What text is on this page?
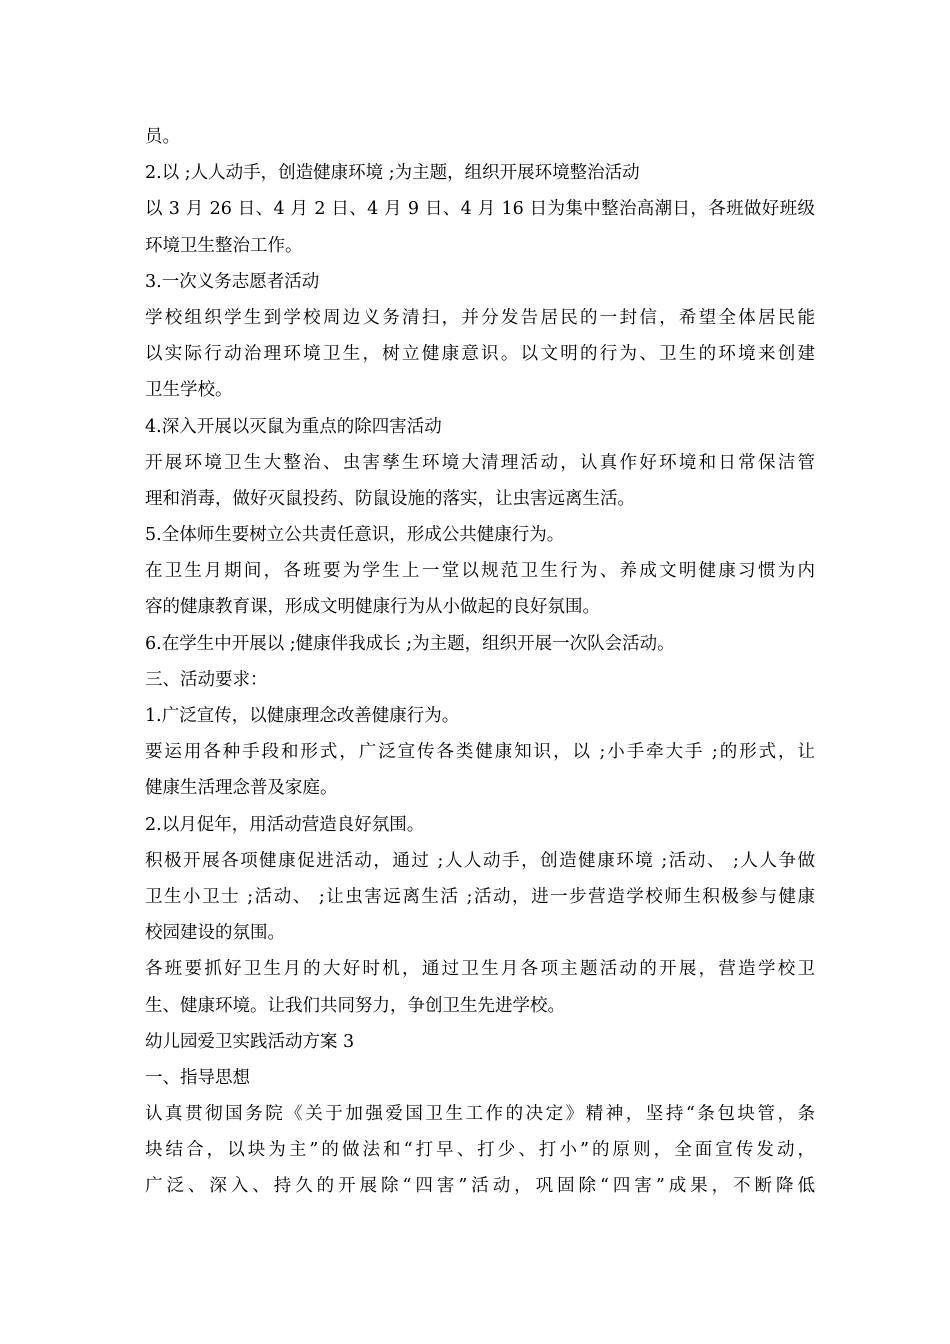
员。
2.以 ;人人动手，创造健康环境 ;为主题，组织开展环境整治活动
以 3 月 26 日、4 月 2 日、4 月 9 日、4 月 16 日为集中整治高潮日，各班做好班级
环境卫生整治工作。
3.一次义务志愿者活动
学校组织学生到学校周边义务清扫，并分发告居民的一封信，希望全体居民能
以实际行动治理环境卫生，树立健康意识。以文明的行为、卫生的环境来创建
卫生学校。
4.深入开展以灭鼠为重点的除四害活动
开展环境卫生大整治、虫害孳生环境大清理活动，认真作好环境和日常保洁管
理和消毒，做好灭鼠投药、防鼠设施的落实，让虫害远离生活。
5.全体师生要树立公共责任意识，形成公共健康行为。
在卫生月期间，各班要为学生上一堂以规范卫生行为、养成文明健康习惯为内
容的健康教育课，形成文明健康行为从小做起的良好氛围。
6.在学生中开展以 ;健康伴我成长 ;为主题，组织开展一次队会活动。
三、活动要求：
1.广泛宣传，以健康理念改善健康行为。
要运用各种手段和形式，广泛宣传各类健康知识，以 ;小手牵大手 ;的形式，让
健康生活理念普及家庭。
2.以月促年，用活动营造良好氛围。
积极开展各项健康促进活动，通过 ;人人动手，创造健康环境 ;活动、 ;人人争做
卫生小卫士 ;活动、 ;让虫害远离生活 ;活动，进一步营造学校师生积极参与健康
校园建设的氛围。
各班要抓好卫生月的大好时机，通过卫生月各项主题活动的开展，营造学校卫
生、健康环境。让我们共同努力，争创卫生先进学校。
幼儿园爱卫实践活动方案 3
一、指导思想
认真贯彻国务院《关于加强爱国卫生工作的决定》精神，坚持“条包块管，条
块结合，以块为主”的做法和“打早、打少、打小”的原则，全面宣传发动，
广泛、深入、持久的开展除“四害”活动，巩固除“四害”成果，不断降低
